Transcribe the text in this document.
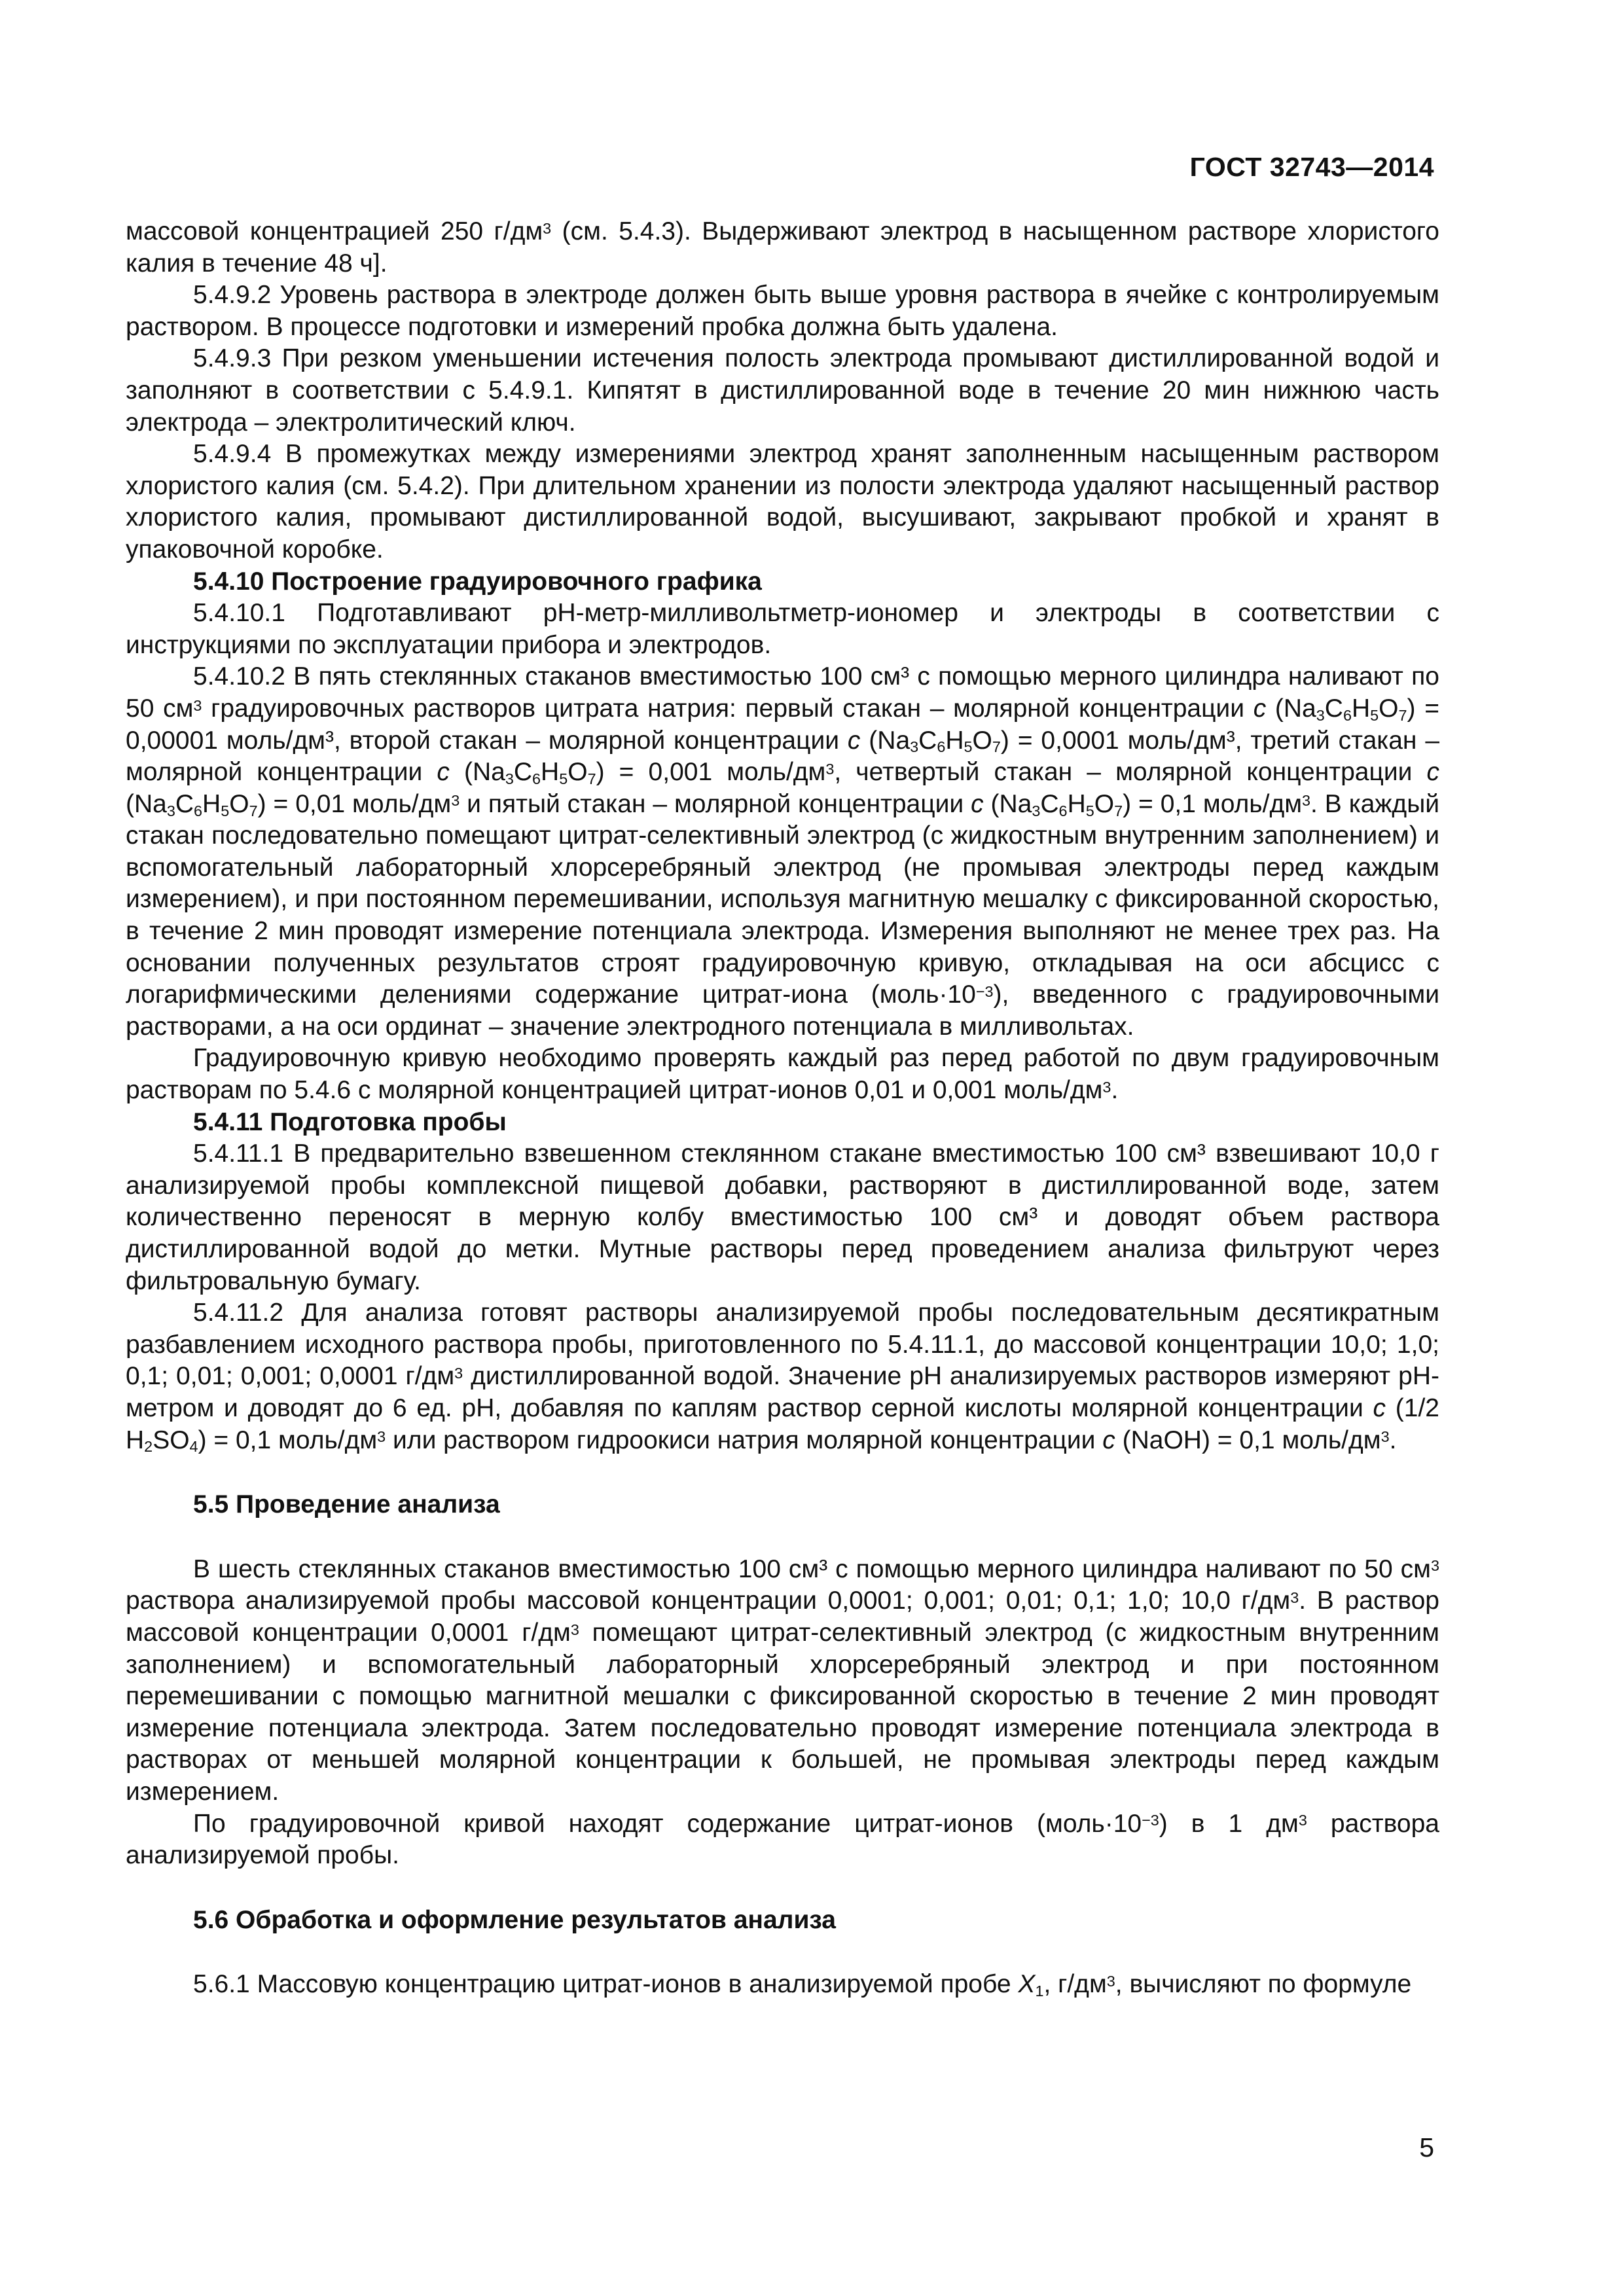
ГОСТ 32743—2014

массовой концентрацией 250 $г/дм^3$ (см. 5.4.3). Выдерживают электрод в насыщенном растворе хлористого калия в течение 48 ч].

5.4.9.2 Уровень раствора в электроде должен быть выше уровня раствора в ячейке с контролируемым раствором. В процессе подготовки и измерений пробка должна быть удалена.

5.4.9.3 При резком уменьшении истечения полость электрода промывают дистиллированной водой и заполняют в соответствии с 5.4.9.1. Кипятят в дистиллированной воде в течение 20 мин нижнюю часть электрода – электролитический ключ.

5.4.9.4 В промежутках между измерениями электрод хранят заполненным насыщенным раствором хлористого калия (см. 5.4.2). При длительном хранении из полости электрода удаляют насыщенный раствор хлористого калия, промывают дистиллированной водой, высушивают, закрывают пробкой и хранят в упаковочной коробке.

5.4.10 Построение градуировочного графика

5.4.10.1 Подготавливают рН-метр-милливольтметр-иономер и электроды в соответствии с инструкциями по эксплуатации прибора и электродов.

5.4.10.2 В пять стеклянных стаканов вместимостью 100 см³ с помощью мерного цилиндра наливают по 50 $см^3$ градуировочных растворов цитрата натрия: первый стакан – молярной концентрации c $(Na_3C_6H_5O_7) = 0,00001$ моль/дм³, второй стакан – молярной концентрации c $(Na_3C_6H_5O_7) = 0,0001$ моль/дм³, третий стакан – молярной концентрации c $(Na_3C_6H_5O_7) = 0,001$ моль/$дм^3$, четвертый стакан – молярной концентрации c $(Na_3C_6H_5O_7) = 0,01$ моль/$дм^3$ и пятый стакан – молярной концентрации c $(Na_3C_6H_5O_7) = 0,1$ моль/$дм^3$. В каждый стакан последовательно помещают цитрат-селективный электрод (с жидкостным внутренним заполнением) и вспомогательный лабораторный хлорсеребряный электрод (не промывая электроды перед каждым измерением), и при постоянном перемешивании, используя магнитную мешалку с фиксированной скоростью, в течение 2 мин проводят измерение потенциала электрода. Измерения выполняют не менее трех раз. На основании полученных результатов строят градуировочную кривую, откладывая на оси абсцисс с логарифмическими делениями содержание цитрат-иона $(моль\cdot 10^{-3})$, введенного с градуировочными растворами, а на оси ординат – значение электродного потенциала в милливольтах.

Градуировочную кривую необходимо проверять каждый раз перед работой по двум градуировочным растворам по 5.4.6 с молярной концентрацией цитрат-ионов 0,01 и 0,001 моль/$дм^3$.

5.4.11 Подготовка пробы

5.4.11.1 В предварительно взвешенном стеклянном стакане вместимостью 100 см³ взвешивают 10,0 г анализируемой пробы комплексной пищевой добавки, растворяют в дистиллированной воде, затем количественно переносят в мерную колбу вместимостью 100 см³ и доводят объем раствора дистиллированной водой до метки. Мутные растворы перед проведением анализа фильтруют через фильтровальную бумагу.

5.4.11.2 Для анализа готовят растворы анализируемой пробы последовательным десятикратным разбавлением исходного раствора пробы, приготовленного по 5.4.11.1, до массовой концентрации 10,0; 1,0; 0,1; 0,01; 0,001; 0,0001 $г/дм^3$ дистиллированной водой. Значение рН анализируемых растворов измеряют рН-метром и доводят до 6 ед. рН, добавляя по каплям раствор серной кислоты молярной концентрации c (1/2 $H_2SO_4) = 0,1$ моль/$дм^3$ или раствором гидроокиси натрия молярной концентрации c (NaOH) = 0,1 моль/$дм^3$.

5.5 Проведение анализа

В шесть стеклянных стаканов вместимостью 100 см³ с помощью мерного цилиндра наливают по 50 $см^3$ раствора анализируемой пробы массовой концентрации 0,0001; 0,001; 0,01; 0,1; 1,0; 10,0 $г/дм^3$. В раствор массовой концентрации 0,0001 $г/дм^3$ помещают цитрат-селективный электрод (с жидкостным внутренним заполнением) и вспомогательный лабораторный хлорсеребряный электрод и при постоянном перемешивании с помощью магнитной мешалки с фиксированной скоростью в течение 2 мин проводят измерение потенциала электрода. Затем последовательно проводят измерение потенциала электрода в растворах от меньшей молярной концентрации к большей, не промывая электроды перед каждым измерением.

По градуировочной кривой находят содержание цитрат-ионов $(моль\cdot 10^{-3})$ в 1 $дм^3$ раствора анализируемой пробы.

5.6 Обработка и оформление результатов анализа

5.6.1 Массовую концентрацию цитрат-ионов в анализируемой пробе $X_1$, $г/дм^3$, вычисляют по формуле

5
